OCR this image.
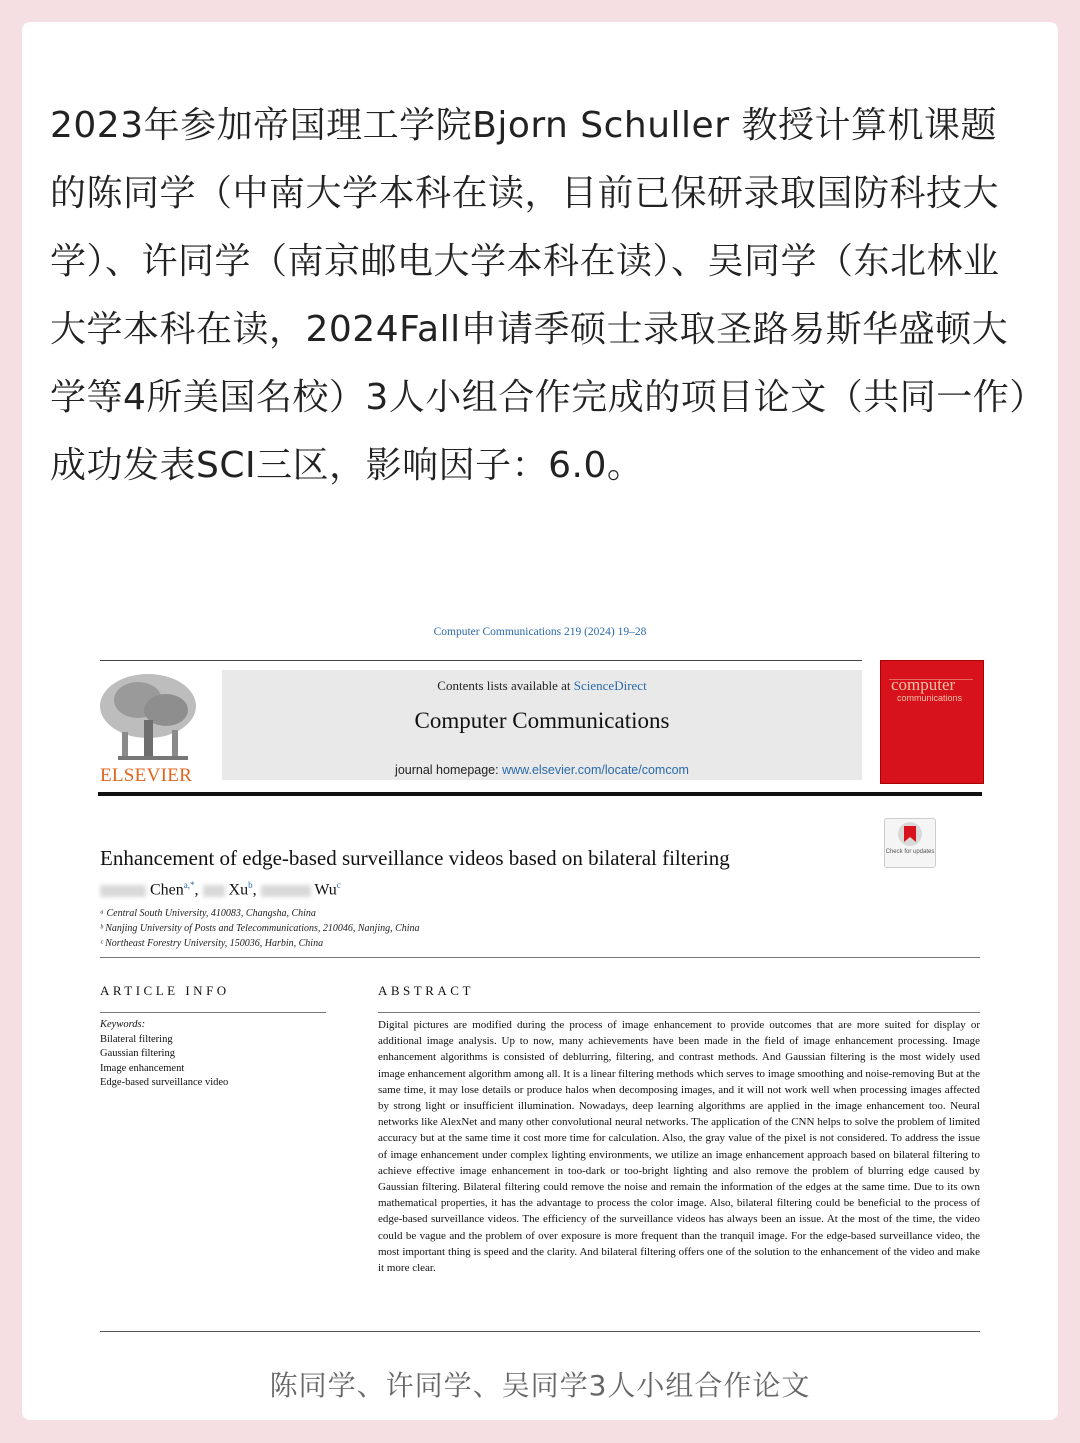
2023年参加帝国理工学院Bjorn Schuller 教授计算机课题的陈同学（中南大学本科在读，目前已保研录取国防科技大学）、许同学（南京邮电大学本科在读）、吴同学（东北林业大学本科在读，2024Fall申请季硕士录取圣路易斯华盛顿大学等4所美国名校）3人小组合作完成的项目论文（共同一作）成功发表SCI三区，影响因子：6.0。
Computer Communications 219 (2024) 19–28
ELSEVIER
Contents lists available at ScienceDirect
Computer Communications
journal homepage: www.elsevier.com/locate/comcom
computer
communications
Check for updates
Enhancement of edge-based surveillance videos based on bilateral filtering
Chen$^{a,*}$,  Xu$^b$,	Wu$^c$
ᵃ Central South University, 410083, Changsha, China
ᵇ Nanjing University of Posts and Telecommunications, 210046, Nanjing, China
ᶜ Northeast Forestry University, 150036, Harbin, China
ARTICLE INFO	ABSTRACT
Keywords:
Bilateral filtering
Gaussian filtering
Image enhancement
Edge-based surveillance video
Digital pictures are modified during the process of image enhancement to provide outcomes that are more suited for display or additional image analysis. Up to now, many achievements have been made in the field of image enhancement processing. Image enhancement algorithms is consisted of deblurring, filtering, and contrast methods. And Gaussian filtering is the most widely used image enhancement algorithm among all. It is a linear filtering methods which serves to image smoothing and noise-removing But at the same time, it may lose details or produce halos when decomposing images, and it will not work well when processing images affected by strong light or insufficient illumination. Nowadays, deep learning algorithms are applied in the image enhancement too. Neural networks like AlexNet and many other convolutional neural networks. The application of the CNN helps to solve the problem of limited accuracy but at the same time it cost more time for calculation. Also, the gray value of the pixel is not considered. To address the issue of image enhancement under complex lighting environments, we utilize an image enhancement approach based on bilateral filtering to achieve effective image enhancement in too-dark or too-bright lighting and also remove the problem of blurring edge caused by Gaussian filtering. Bilateral filtering could remove the noise and remain the information of the edges at the same time. Due to its own mathematical properties, it has the advantage to process the color image. Also, bilateral filtering could be beneficial to the process of edge-based surveillance videos. The efficiency of the surveillance videos has always been an issue. At the most of the time, the video could be vague and the problem of over exposure is more frequent than the tranquil image. For the edge-based surveillance video, the most important thing is speed and the clarity. And bilateral filtering offers one of the solution to the enhancement of the video and make it more clear.
陈同学、许同学、吴同学3人小组合作论文
